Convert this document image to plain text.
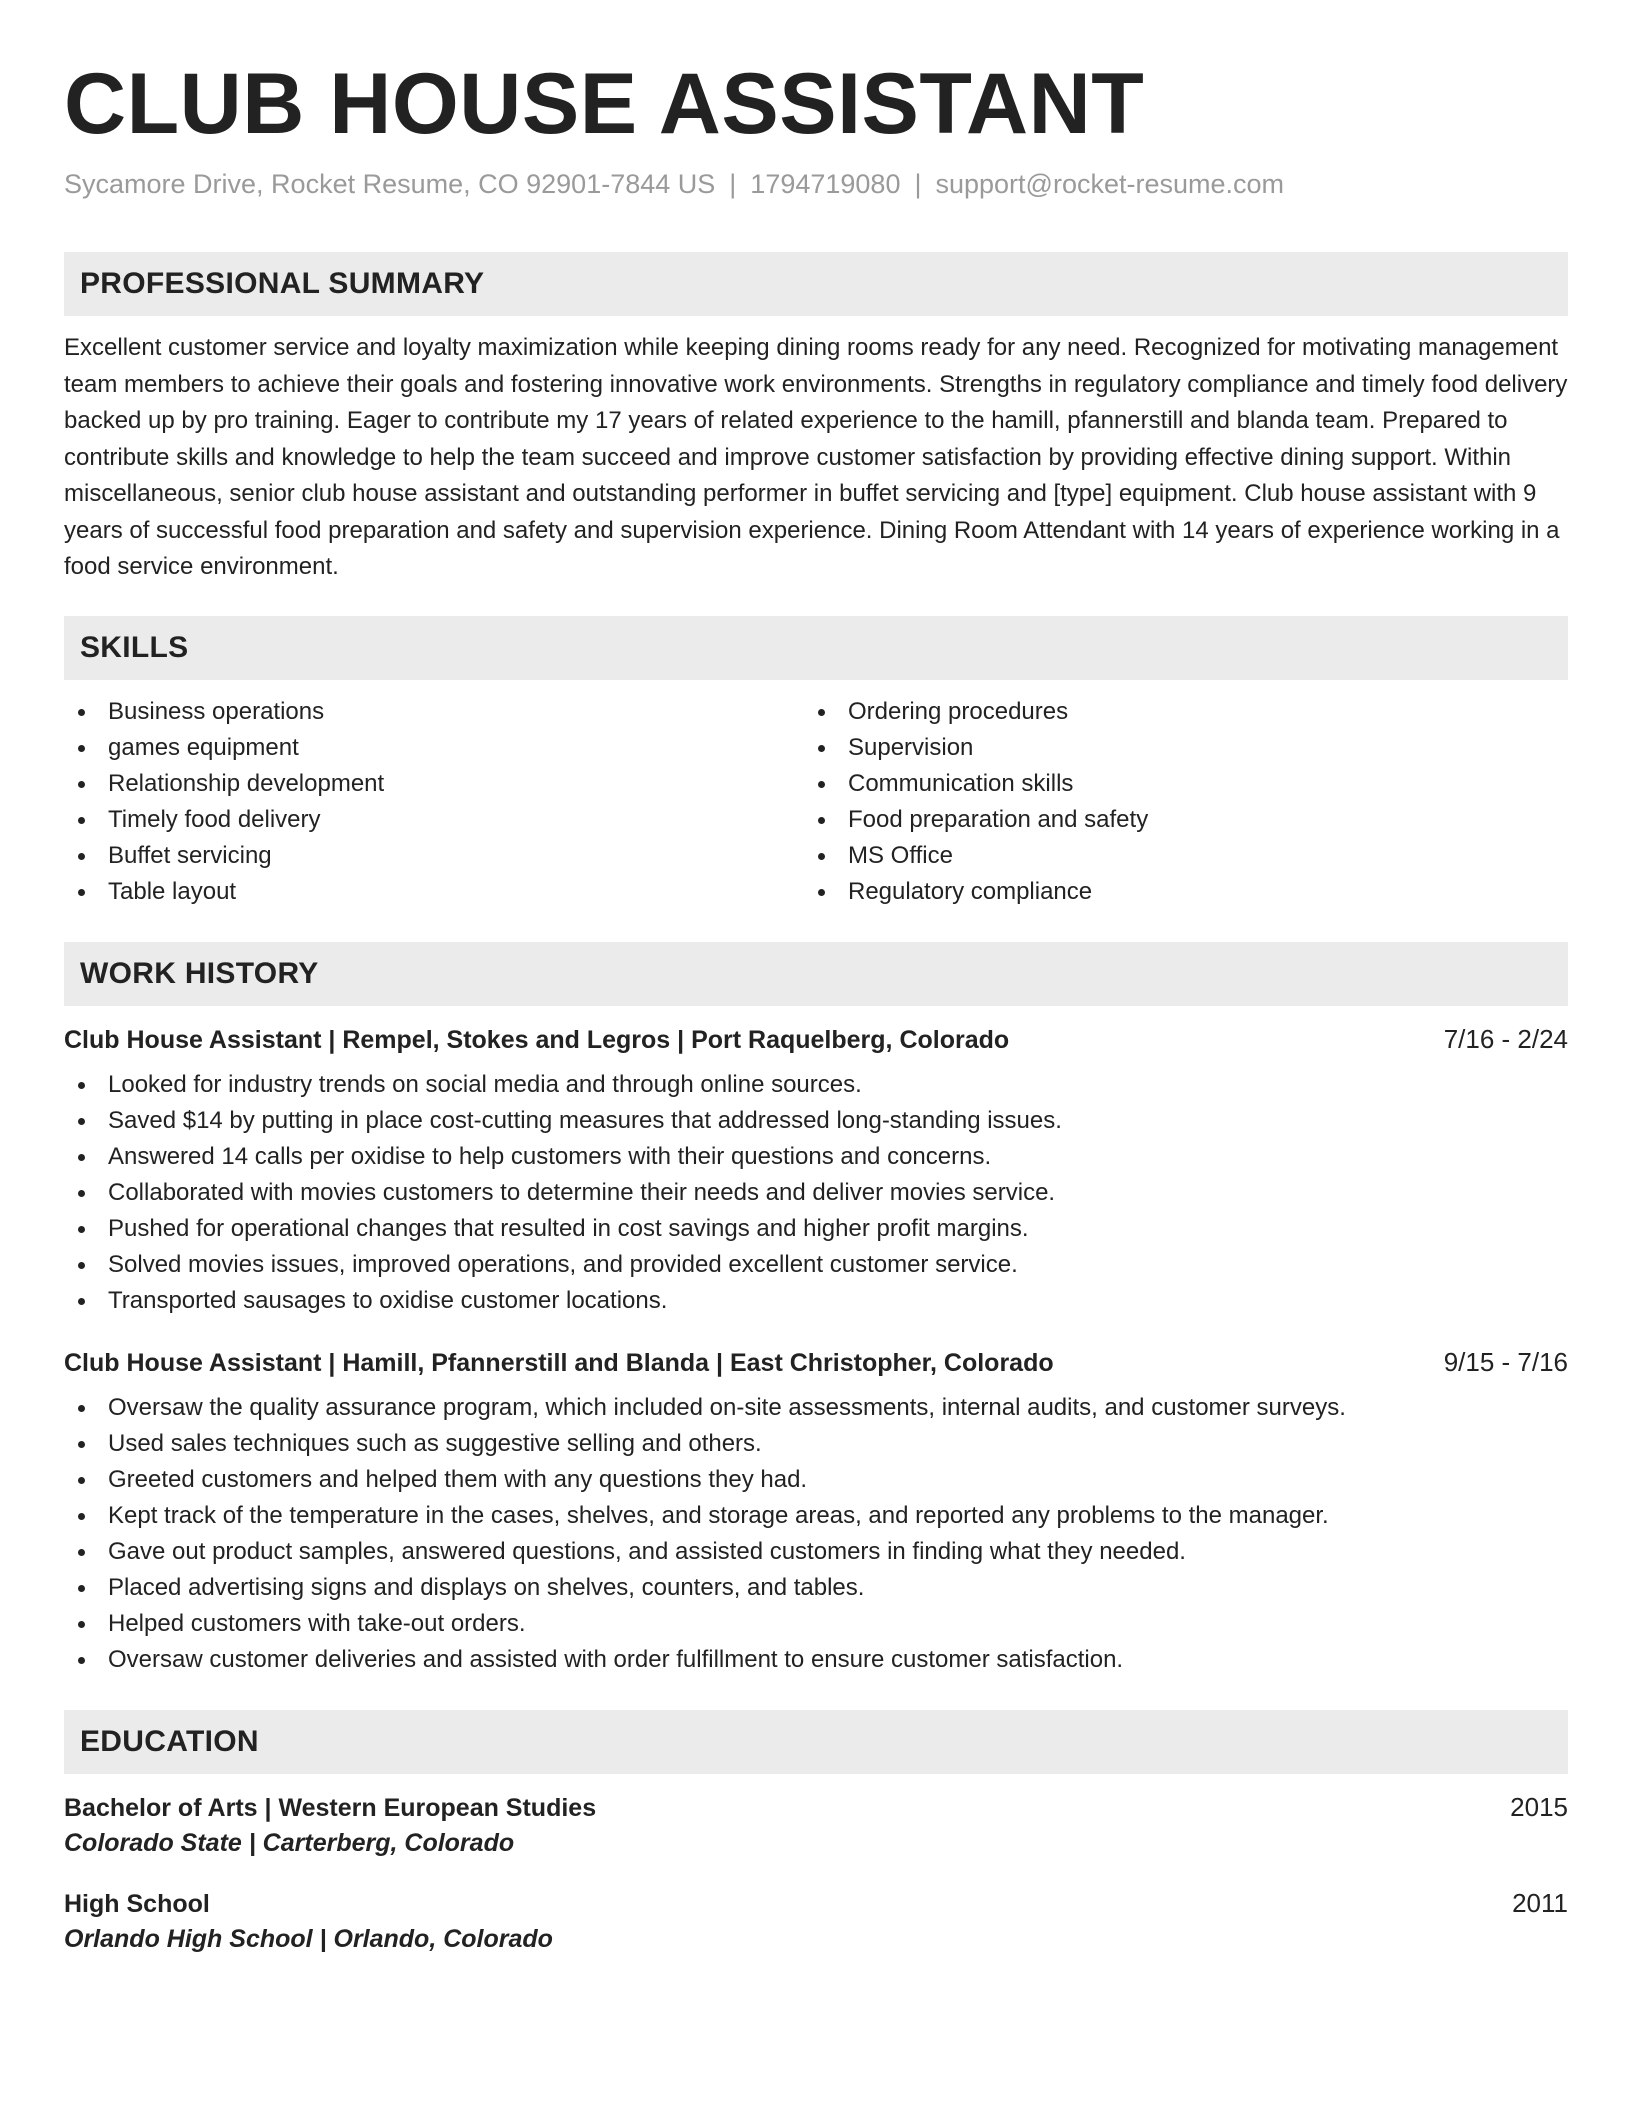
CLUB HOUSE ASSISTANT
Sycamore Drive, Rocket Resume, CO 92901-7844 US | 1794719080 | support@rocket-resume.com
PROFESSIONAL SUMMARY
Excellent customer service and loyalty maximization while keeping dining rooms ready for any need. Recognized for motivating management team members to achieve their goals and fostering innovative work environments. Strengths in regulatory compliance and timely food delivery backed up by pro training. Eager to contribute my 17 years of related experience to the hamill, pfannerstill and blanda team. Prepared to contribute skills and knowledge to help the team succeed and improve customer satisfaction by providing effective dining support. Within miscellaneous, senior club house assistant and outstanding performer in buffet servicing and [type] equipment. Club house assistant with 9 years of successful food preparation and safety and supervision experience. Dining Room Attendant with 14 years of experience working in a food service environment.
SKILLS
Business operations
games equipment
Relationship development
Timely food delivery
Buffet servicing
Table layout
Ordering procedures
Supervision
Communication skills
Food preparation and safety
MS Office
Regulatory compliance
WORK HISTORY
Club House Assistant | Rempel, Stokes and Legros | Port Raquelberg, Colorado	7/16 - 2/24
Looked for industry trends on social media and through online sources.
Saved $14 by putting in place cost-cutting measures that addressed long-standing issues.
Answered 14 calls per oxidise to help customers with their questions and concerns.
Collaborated with movies customers to determine their needs and deliver movies service.
Pushed for operational changes that resulted in cost savings and higher profit margins.
Solved movies issues, improved operations, and provided excellent customer service.
Transported sausages to oxidise customer locations.
Club House Assistant | Hamill, Pfannerstill and Blanda | East Christopher, Colorado	9/15 - 7/16
Oversaw the quality assurance program, which included on-site assessments, internal audits, and customer surveys.
Used sales techniques such as suggestive selling and others.
Greeted customers and helped them with any questions they had.
Kept track of the temperature in the cases, shelves, and storage areas, and reported any problems to the manager.
Gave out product samples, answered questions, and assisted customers in finding what they needed.
Placed advertising signs and displays on shelves, counters, and tables.
Helped customers with take-out orders.
Oversaw customer deliveries and assisted with order fulfillment to ensure customer satisfaction.
EDUCATION
Bachelor of Arts | Western European Studies	2015
Colorado State | Carterberg, Colorado
High School	2011
Orlando High School | Orlando, Colorado
